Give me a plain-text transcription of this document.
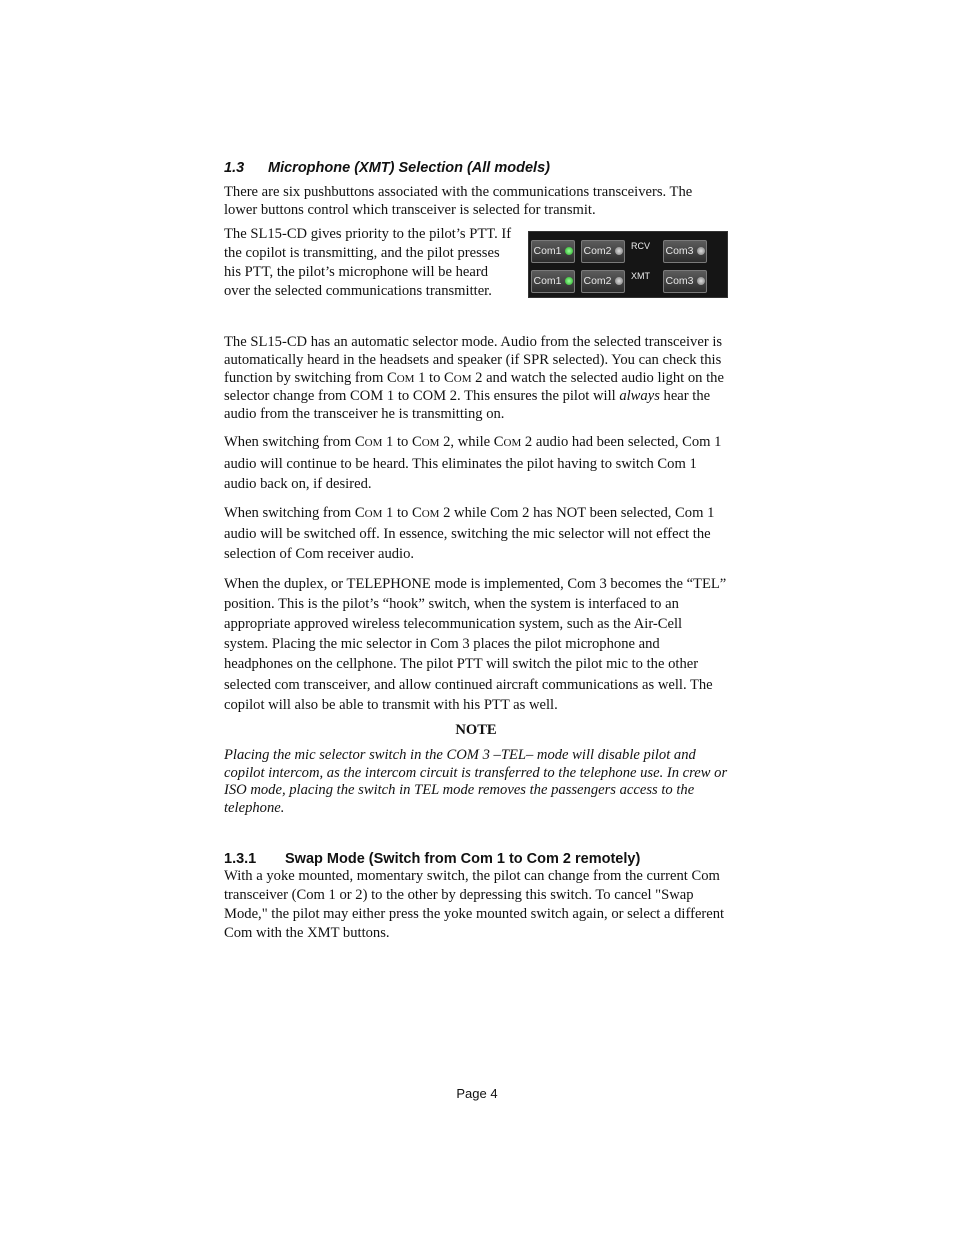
1.3 Microphone (XMT) Selection (All models)

There are six pushbuttons associated with the communications transceivers. The lower buttons control which transceiver is selected for transmit.

The SL15-CD gives priority to the pilot’s PTT. If the copilot is transmitting, and the pilot presses his PTT, the pilot’s microphone will be heard over the selected communications transmitter.

Com1 Com2 RCV	Com3
Com1 Com2 XMT	Com3

The SL15-CD has an automatic selector mode. Audio from the selected transceiver is automatically heard in the headsets and speaker (if SPR selected). You can check this function by switching from COM 1 to COM 2 and watch the selected audio light on the selector change from COM 1 to COM 2. This ensures the pilot will always hear the audio from the transceiver he is transmitting on.

When switching from COM 1 to COM 2, while COM 2 audio had been selected, Com 1 audio will continue to be heard. This eliminates the pilot having to switch Com 1 audio back on, if desired.

When switching from COM 1 to COM 2 while Com 2 has NOT been selected, Com 1 audio will be switched off. In essence, switching the mic selector will not effect the selection of Com receiver audio.

When the duplex, or TELEPHONE mode is implemented, Com 3 becomes the “TEL” position. This is the pilot’s “hook” switch, when the system is interfaced to an appropriate approved wireless telecommunication system, such as the Air-Cell system. Placing the mic selector in Com 3 places the pilot microphone and headphones on the cellphone. The pilot PTT will switch the pilot mic to the other selected com transceiver, and allow continued aircraft communications as well. The copilot will also be able to transmit with his PTT as well.

NOTE

Placing the mic selector switch in the COM 3 –TEL– mode will disable pilot and copilot intercom, as the intercom circuit is transferred to the telephone use. In crew or ISO mode, placing the switch in TEL mode removes the passengers access to the telephone.

1.3.1 Swap Mode (Switch from Com 1 to Com 2 remotely)

With a yoke mounted, momentary switch, the pilot can change from the current Com transceiver (Com 1 or 2) to the other by depressing this switch. To cancel "Swap Mode," the pilot may either press the yoke mounted switch again, or select a different Com with the XMT buttons.

Page 4
